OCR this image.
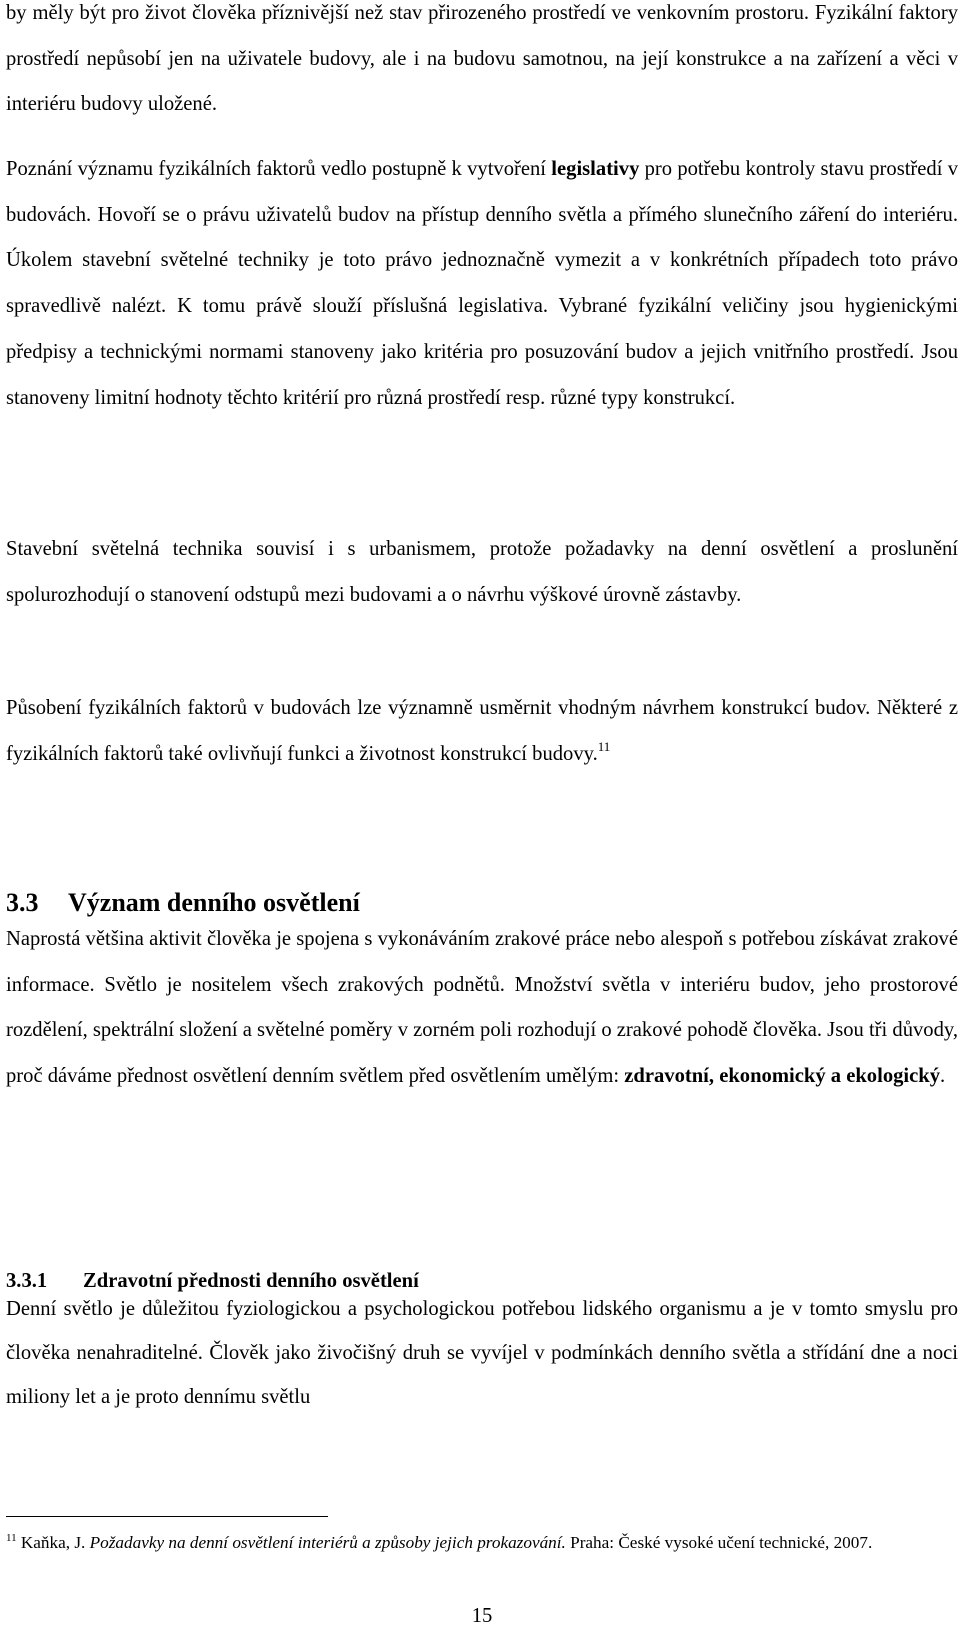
by měly být pro život člověka příznivější než stav přirozeného prostředí ve venkovním prostoru. Fyzikální faktory prostředí nepůsobí jen na uživatele budovy, ale i na budovu samotnou, na její konstrukce a na zařízení a věci v interiéru budovy uložené.

Poznání významu fyzikálních faktorů vedlo postupně k vytvoření legislativy pro potřebu kontroly stavu prostředí v budovách. Hovoří se o právu uživatelů budov na přístup denního světla a přímého slunečního záření do interiéru. Úkolem stavební světelné techniky je toto právo jednoznačně vymezit a v konkrétních případech toto právo spravedlivě nalézt. K tomu právě slouží příslušná legislativa. Vybrané fyzikální veličiny jsou hygienickými předpisy a technickými normami stanoveny jako kritéria pro posuzování budov a jejich vnitřního prostředí. Jsou stanoveny limitní hodnoty těchto kritérií pro různá prostředí resp. různé typy konstrukcí.

Stavební světelná technika souvisí i s urbanismem, protože požadavky na denní osvětlení a proslunění spolurozhodují o stanovení odstupů mezi budovami a o návrhu výškové úrovně zástavby.

Působení fyzikálních faktorů v budovách lze významně usměrnit vhodným návrhem konstrukcí budov. Některé z fyzikálních faktorů také ovlivňují funkci a životnost konstrukcí budovy.$^{11}$

3.3 Význam denního osvětlení

Naprostá většina aktivit člověka je spojena s vykonáváním zrakové práce nebo alespoň s potřebou získávat zrakové informace. Světlo je nositelem všech zrakových podnětů. Množství světla v interiéru budov, jeho prostorové rozdělení, spektrální složení a světelné poměry v zorném poli rozhodují o zrakové pohodě člověka. Jsou tři důvody, proč dáváme přednost osvětlení denním světlem před osvětlením umělým: zdravotní, ekonomický a ekologický.

3.3.1 Zdravotní přednosti denního osvětlení

Denní světlo je důležitou fyziologickou a psychologickou potřebou lidského organismu a je v tomto smyslu pro člověka nenahraditelné. Člověk jako živočišný druh se vyvíjel v podmínkách denního světla a střídání dne a noci miliony let a je proto dennímu světlu

$^{11}$ Kaňka, J. Požadavky na denní osvětlení interiérů a způsoby jejich prokazování. Praha: České vysoké učení technické, 2007.

15
